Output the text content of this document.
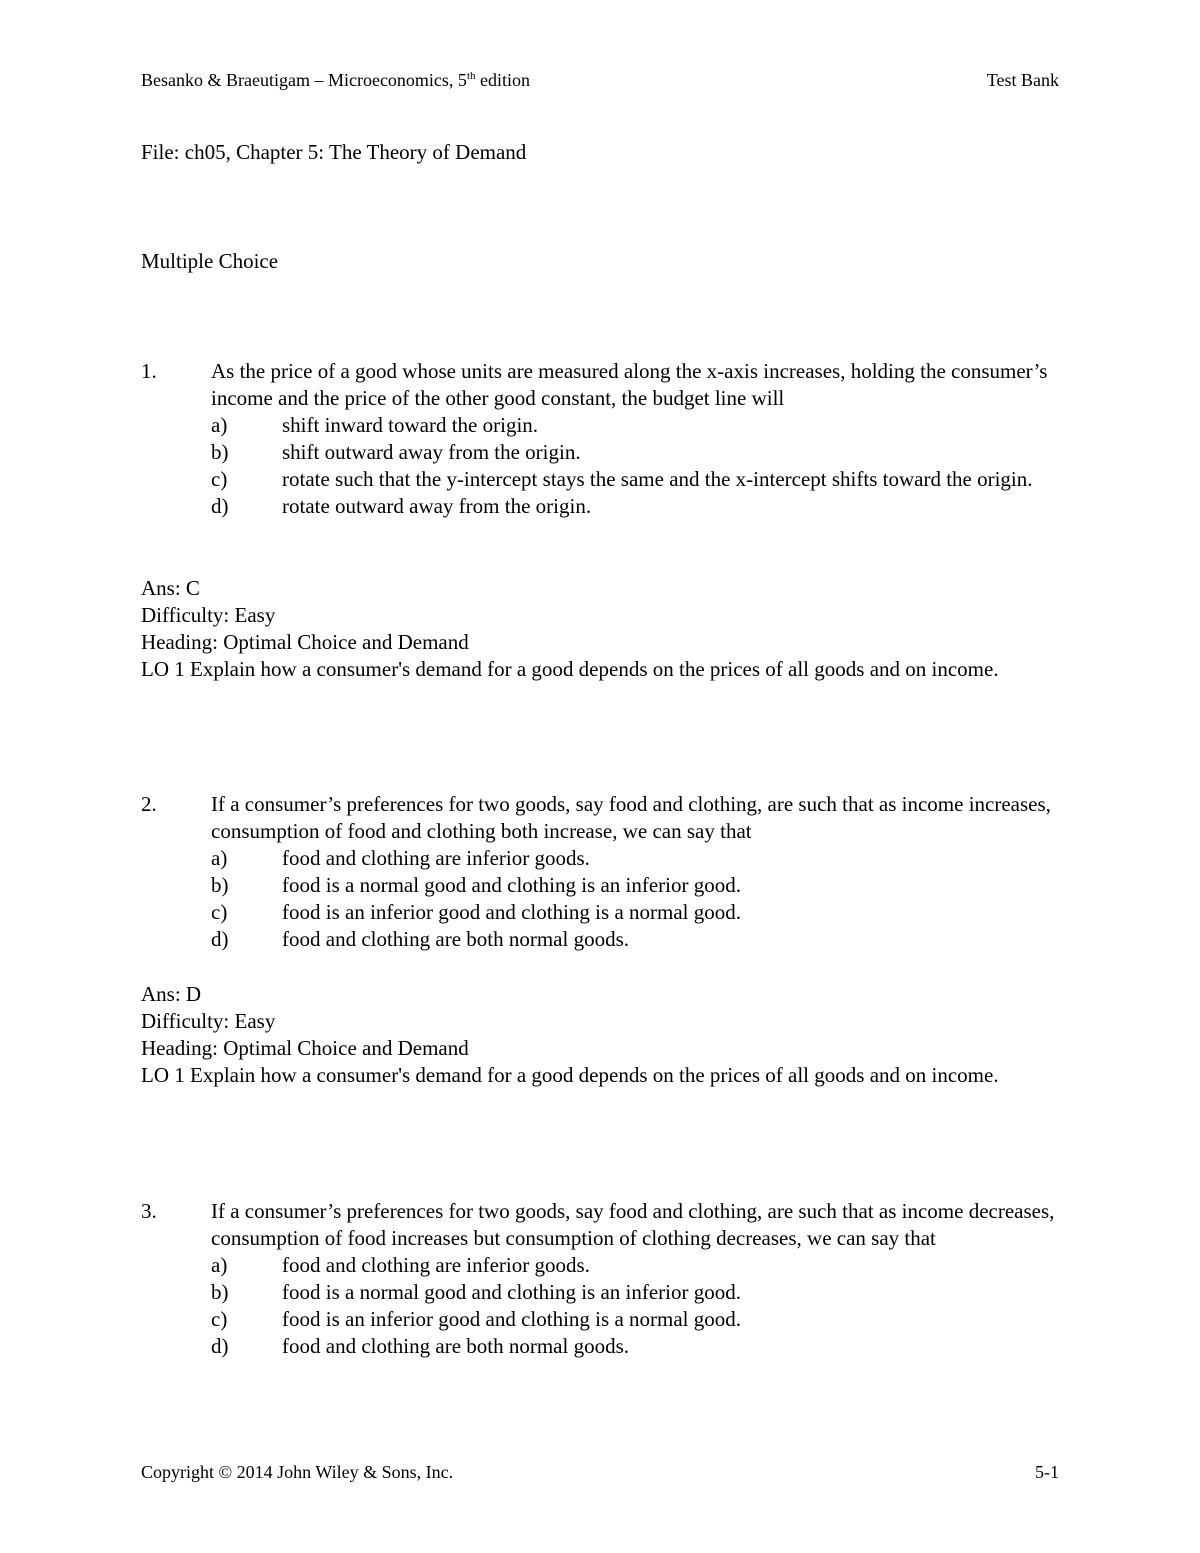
Besanko & Braeutigam – Microeconomics, 5th edition	Test Bank
File: ch05, Chapter 5: The Theory of Demand
Multiple Choice
1.	As the price of a good whose units are measured along the x-axis increases, holding the consumer’s income and the price of the other good constant, the budget line will
a)	shift inward toward the origin.
b)	shift outward away from the origin.
c)	rotate such that the y-intercept stays the same and the x-intercept shifts toward the origin.
d)	rotate outward away from the origin.
Ans: C
Difficulty: Easy
Heading: Optimal Choice and Demand
LO 1 Explain how a consumer's demand for a good depends on the prices of all goods and on income.
2.	If a consumer’s preferences for two goods, say food and clothing, are such that as income increases, consumption of food and clothing both increase, we can say that
a)	food and clothing are inferior goods.
b)	food is a normal good and clothing is an inferior good.
c)	food is an inferior good and clothing is a normal good.
d)	food and clothing are both normal goods.
Ans: D
Difficulty: Easy
Heading: Optimal Choice and Demand
LO 1 Explain how a consumer's demand for a good depends on the prices of all goods and on income.
3.	If a consumer’s preferences for two goods, say food and clothing, are such that as income decreases, consumption of food increases but consumption of clothing decreases, we can say that
a)	food and clothing are inferior goods.
b)	food is a normal good and clothing is an inferior good.
c)	food is an inferior good and clothing is a normal good.
d)	food and clothing are both normal goods.
Copyright © 2014 John Wiley & Sons, Inc.	5-1
